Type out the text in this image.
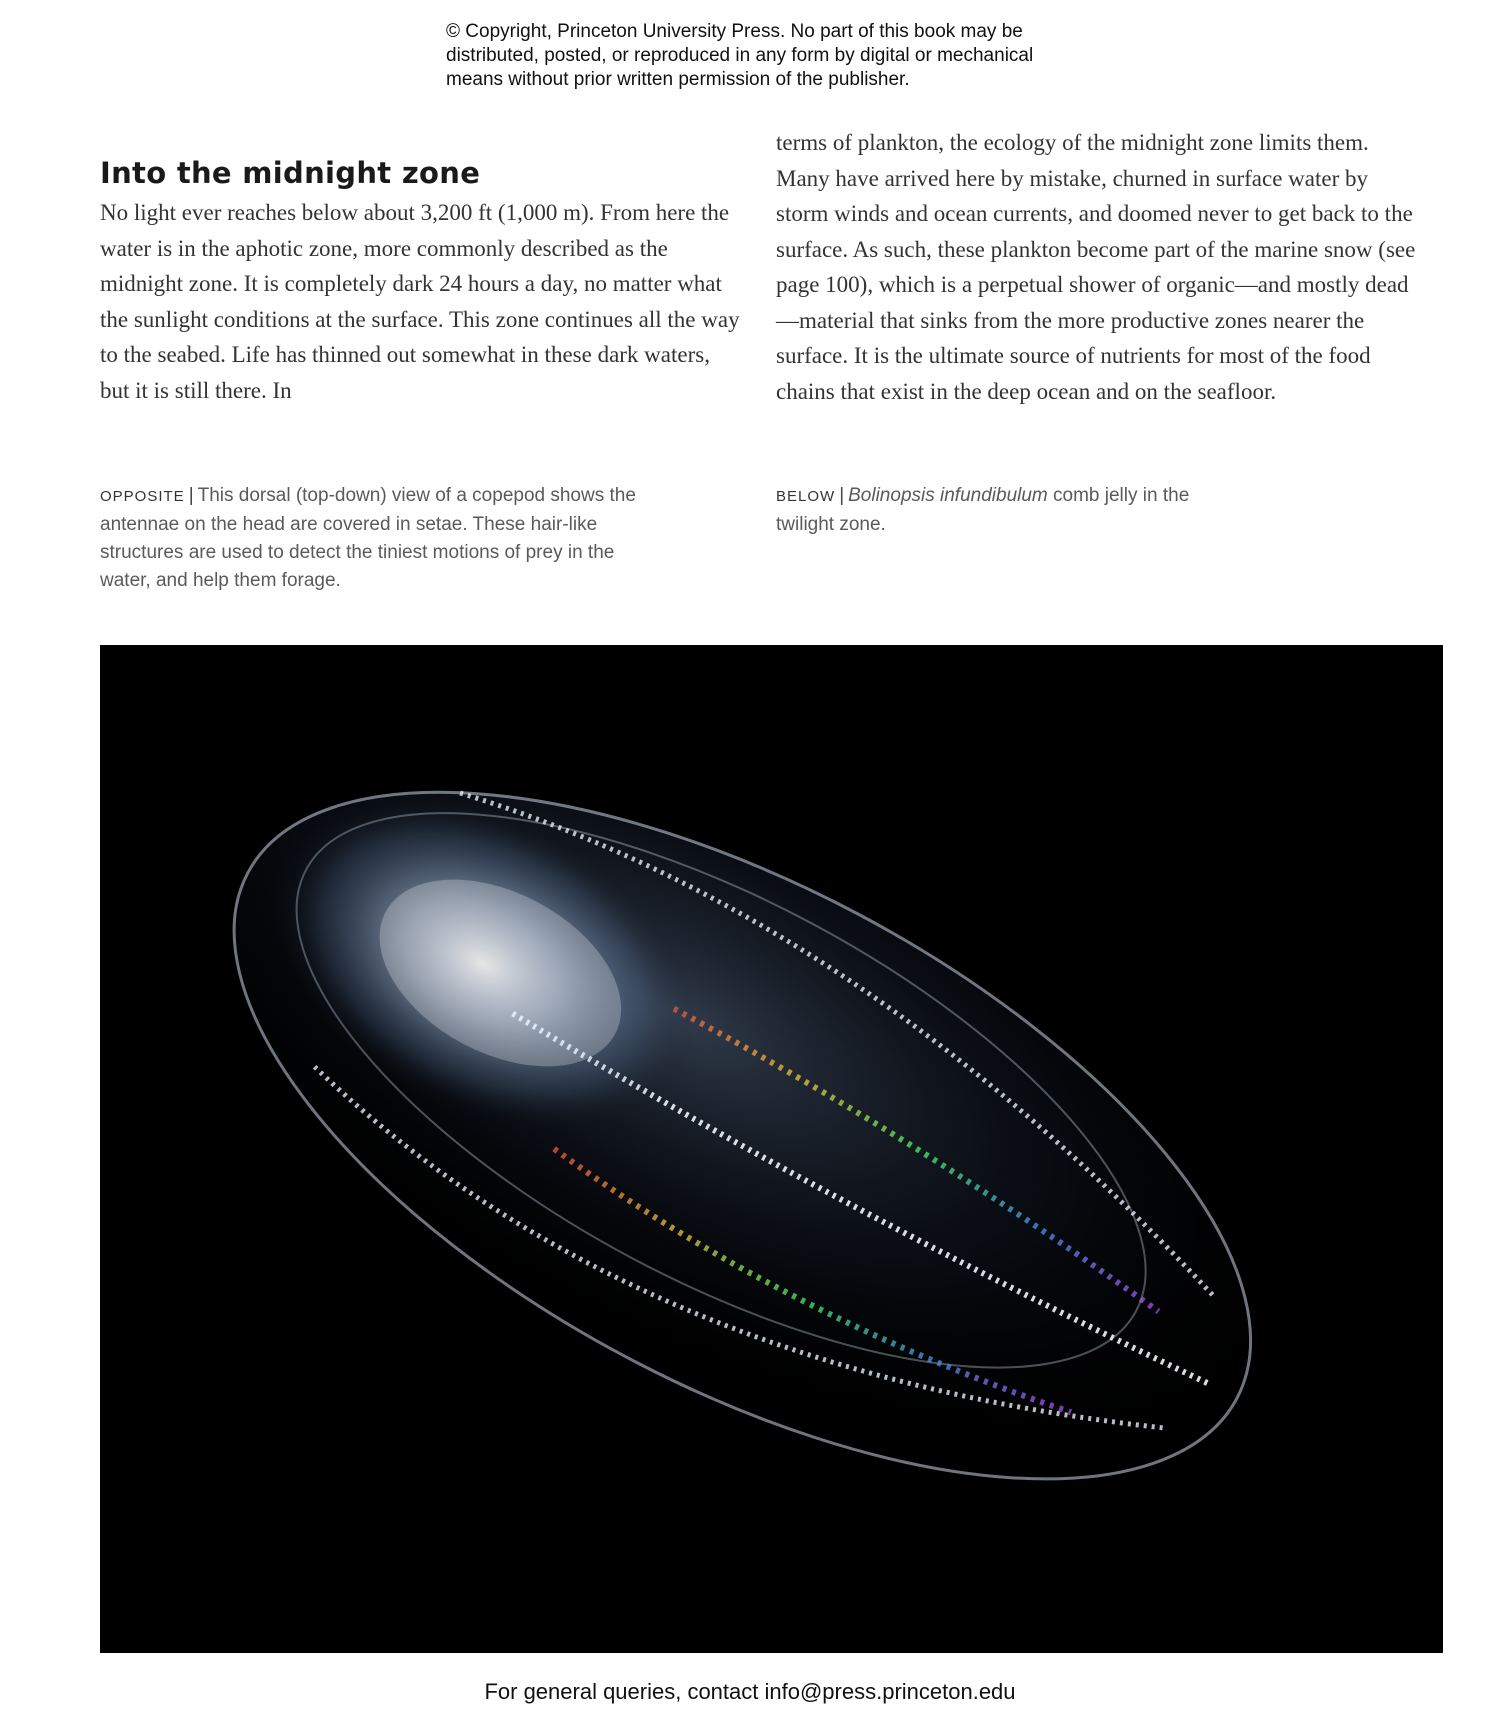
© Copyright, Princeton University Press. No part of this book may be distributed, posted, or reproduced in any form by digital or mechanical means without prior written permission of the publisher.
Into the midnight zone

No light ever reaches below about 3,200 ft (1,000 m). From here the water is in the aphotic zone, more commonly described as the midnight zone. It is completely dark 24 hours a day, no matter what the sunlight conditions at the surface. This zone continues all the way to the seabed. Life has thinned out somewhat in these dark waters, but it is still there. In

terms of plankton, the ecology of the midnight zone limits them. Many have arrived here by mistake, churned in surface water by storm winds and ocean currents, and doomed never to get back to the surface. As such, these plankton become part of the marine snow (see page 100), which is a perpetual shower of organic—and mostly dead—material that sinks from the more productive zones nearer the surface. It is the ultimate source of nutrients for most of the food chains that exist in the deep ocean and on the seafloor.

OPPOSITE | This dorsal (top-down) view of a copepod shows the antennae on the head are covered in setae. These hair-like structures are used to detect the tiniest motions of prey in the water, and help them forage.
BELOW | Bolinopsis infundibulum comb jelly in the twilight zone.
For general queries, contact info@press.princeton.edu
